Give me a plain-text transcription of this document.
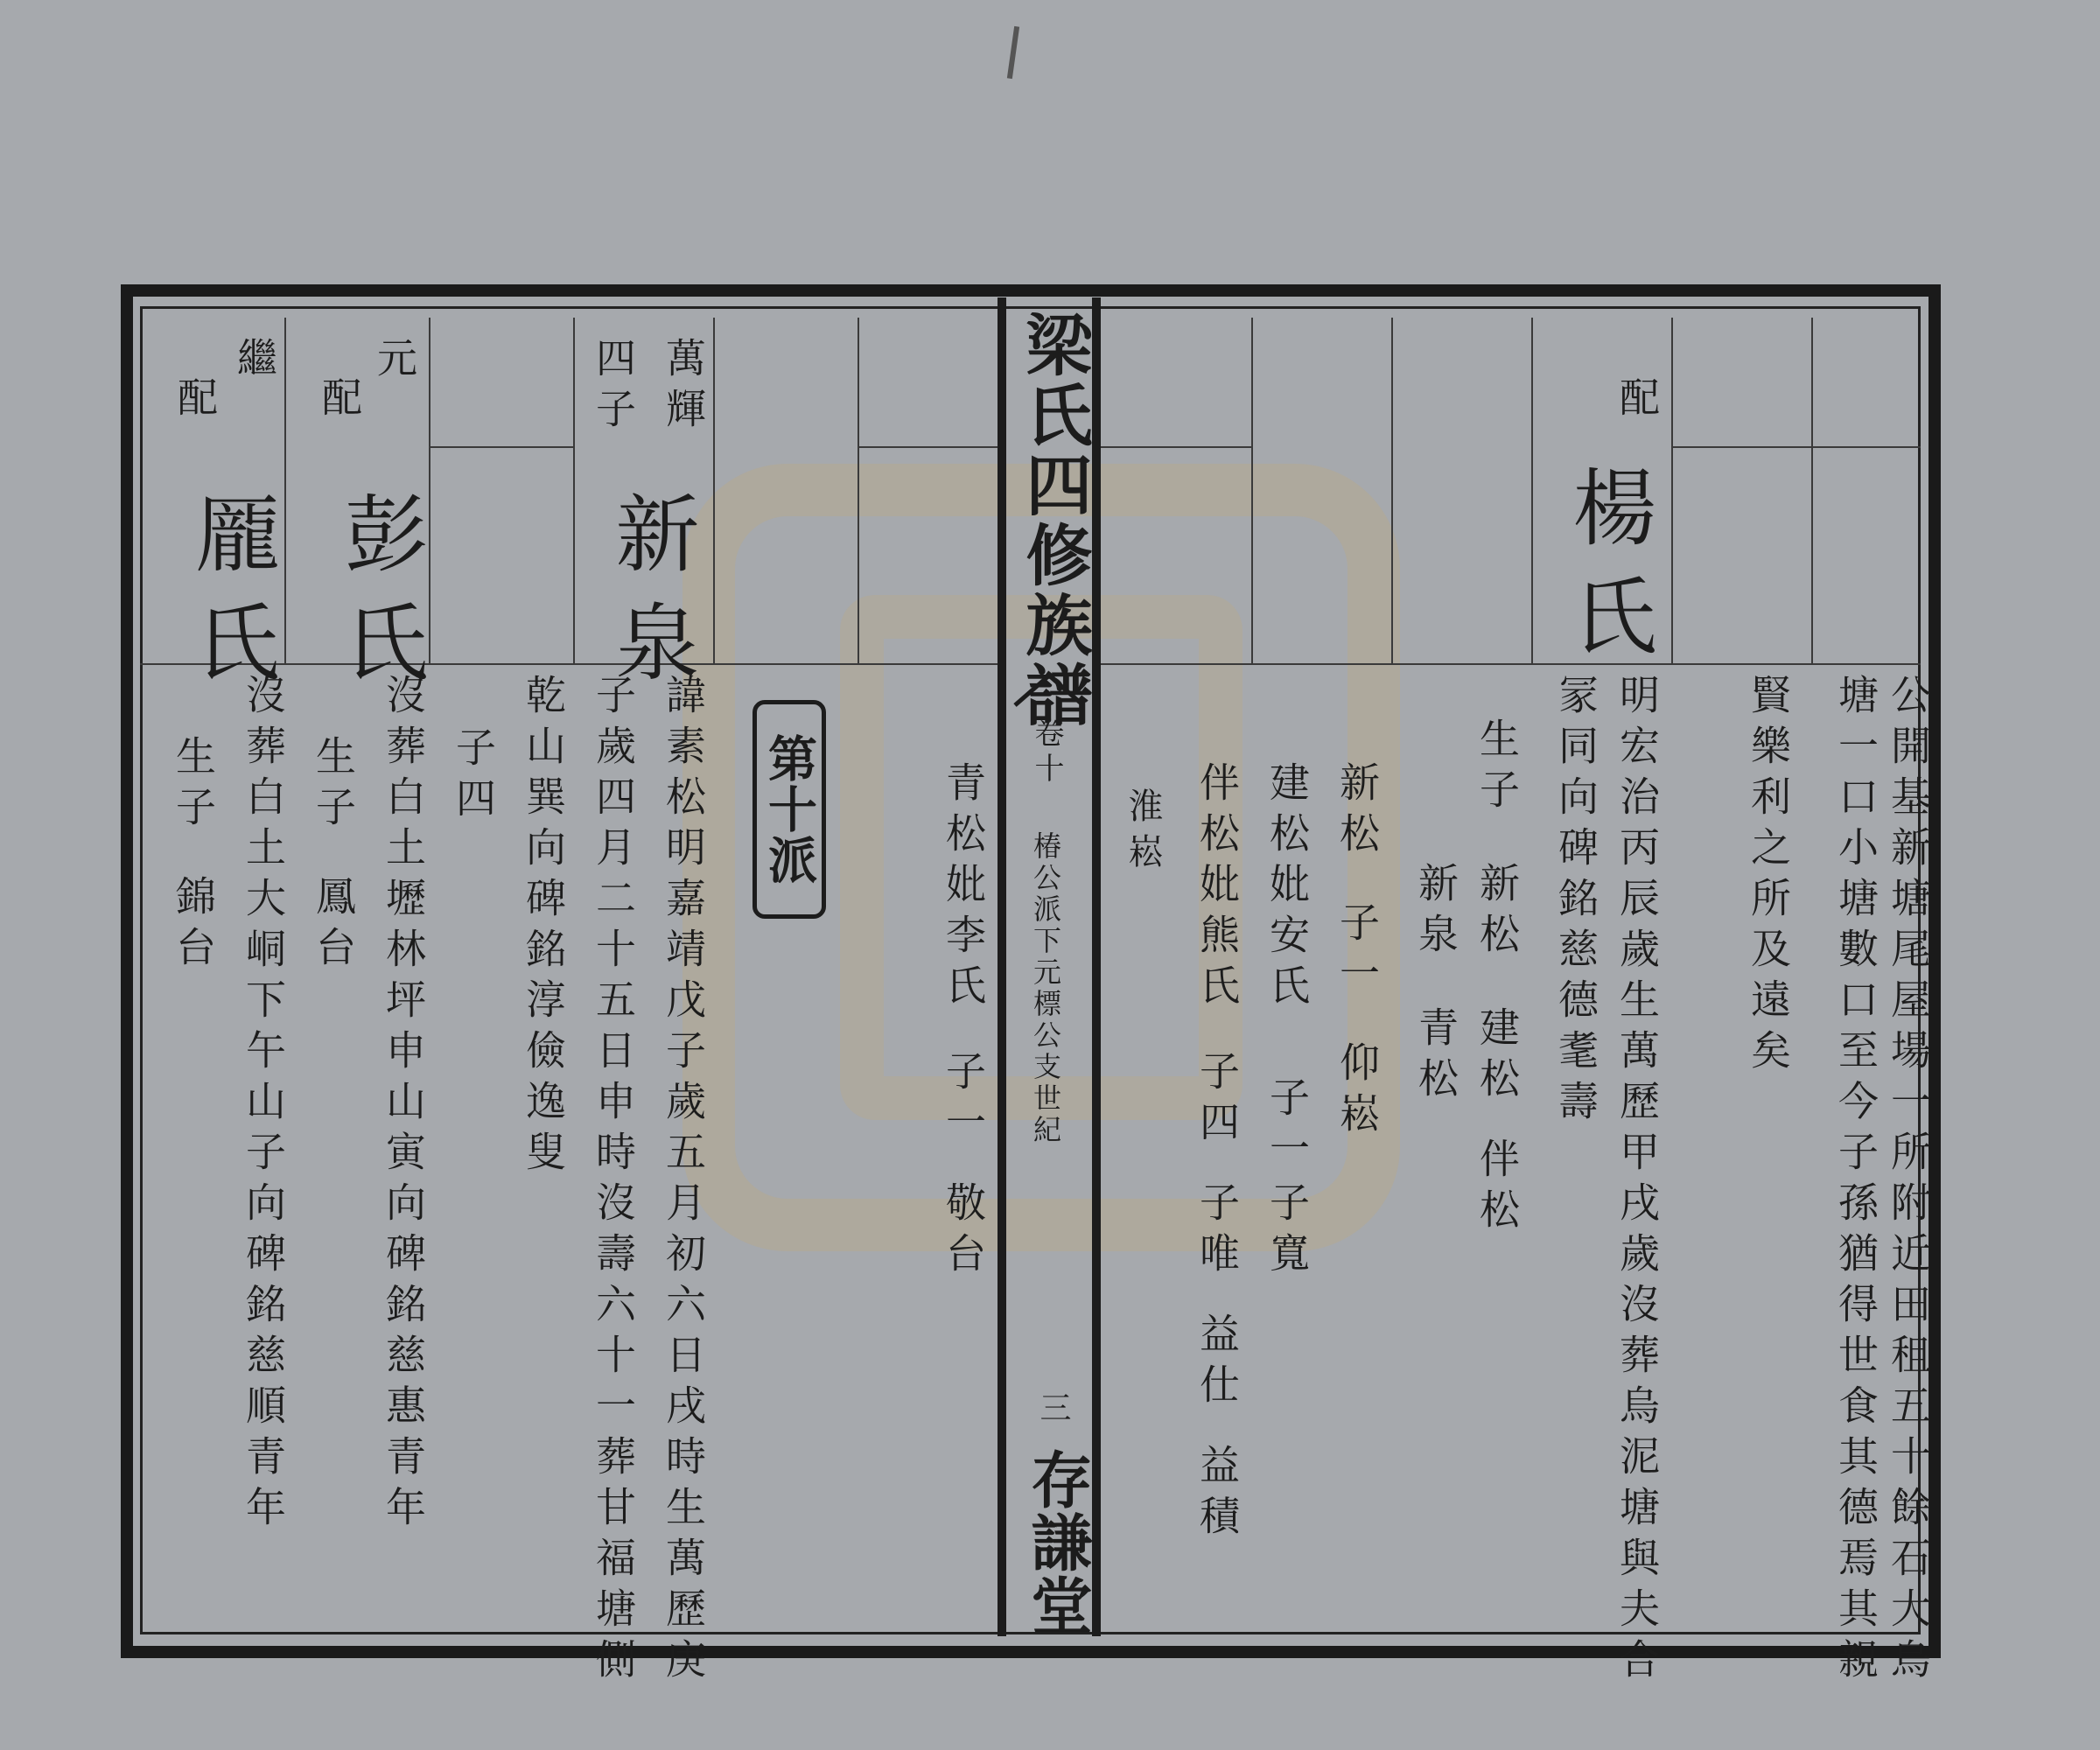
梁氏四修族譜
卷十
椿公派下元標公支世紀
三
存謙堂
第十派	公開基新塘尾屋場一所附近田租五十餘石大烏
塘一口小塘數口至今子孫猶得世食其德焉其親
賢樂利之所及遠矣
配
楊氏
明宏治丙辰歲生萬歷甲戌歲沒葬烏泥塘與夫合
冡同向碑銘慈德耄壽
生子
新松
建松
伴松
新泉
青松
新松
子一
仰崧
建松妣安氏
子一
子寬
伴松妣熊氏
子四
子唯
益仕
益積
淮崧
青松妣李氏
子一
敬台
萬輝
四子
新泉
諱素松明嘉靖戊子歲五月初六日戌時生萬歷庚
子歲四月二十五日申時沒壽六十一葬甘福塘側
乾山巽向碑銘淳儉逸叟
子四
元
配
彭氏
沒葬白土壢林坪申山寅向碑銘慈惠青年
生子
鳳台
繼
配
龎氏
沒葬白土大峒下午山子向碑銘慈順青年
生子
錦台
